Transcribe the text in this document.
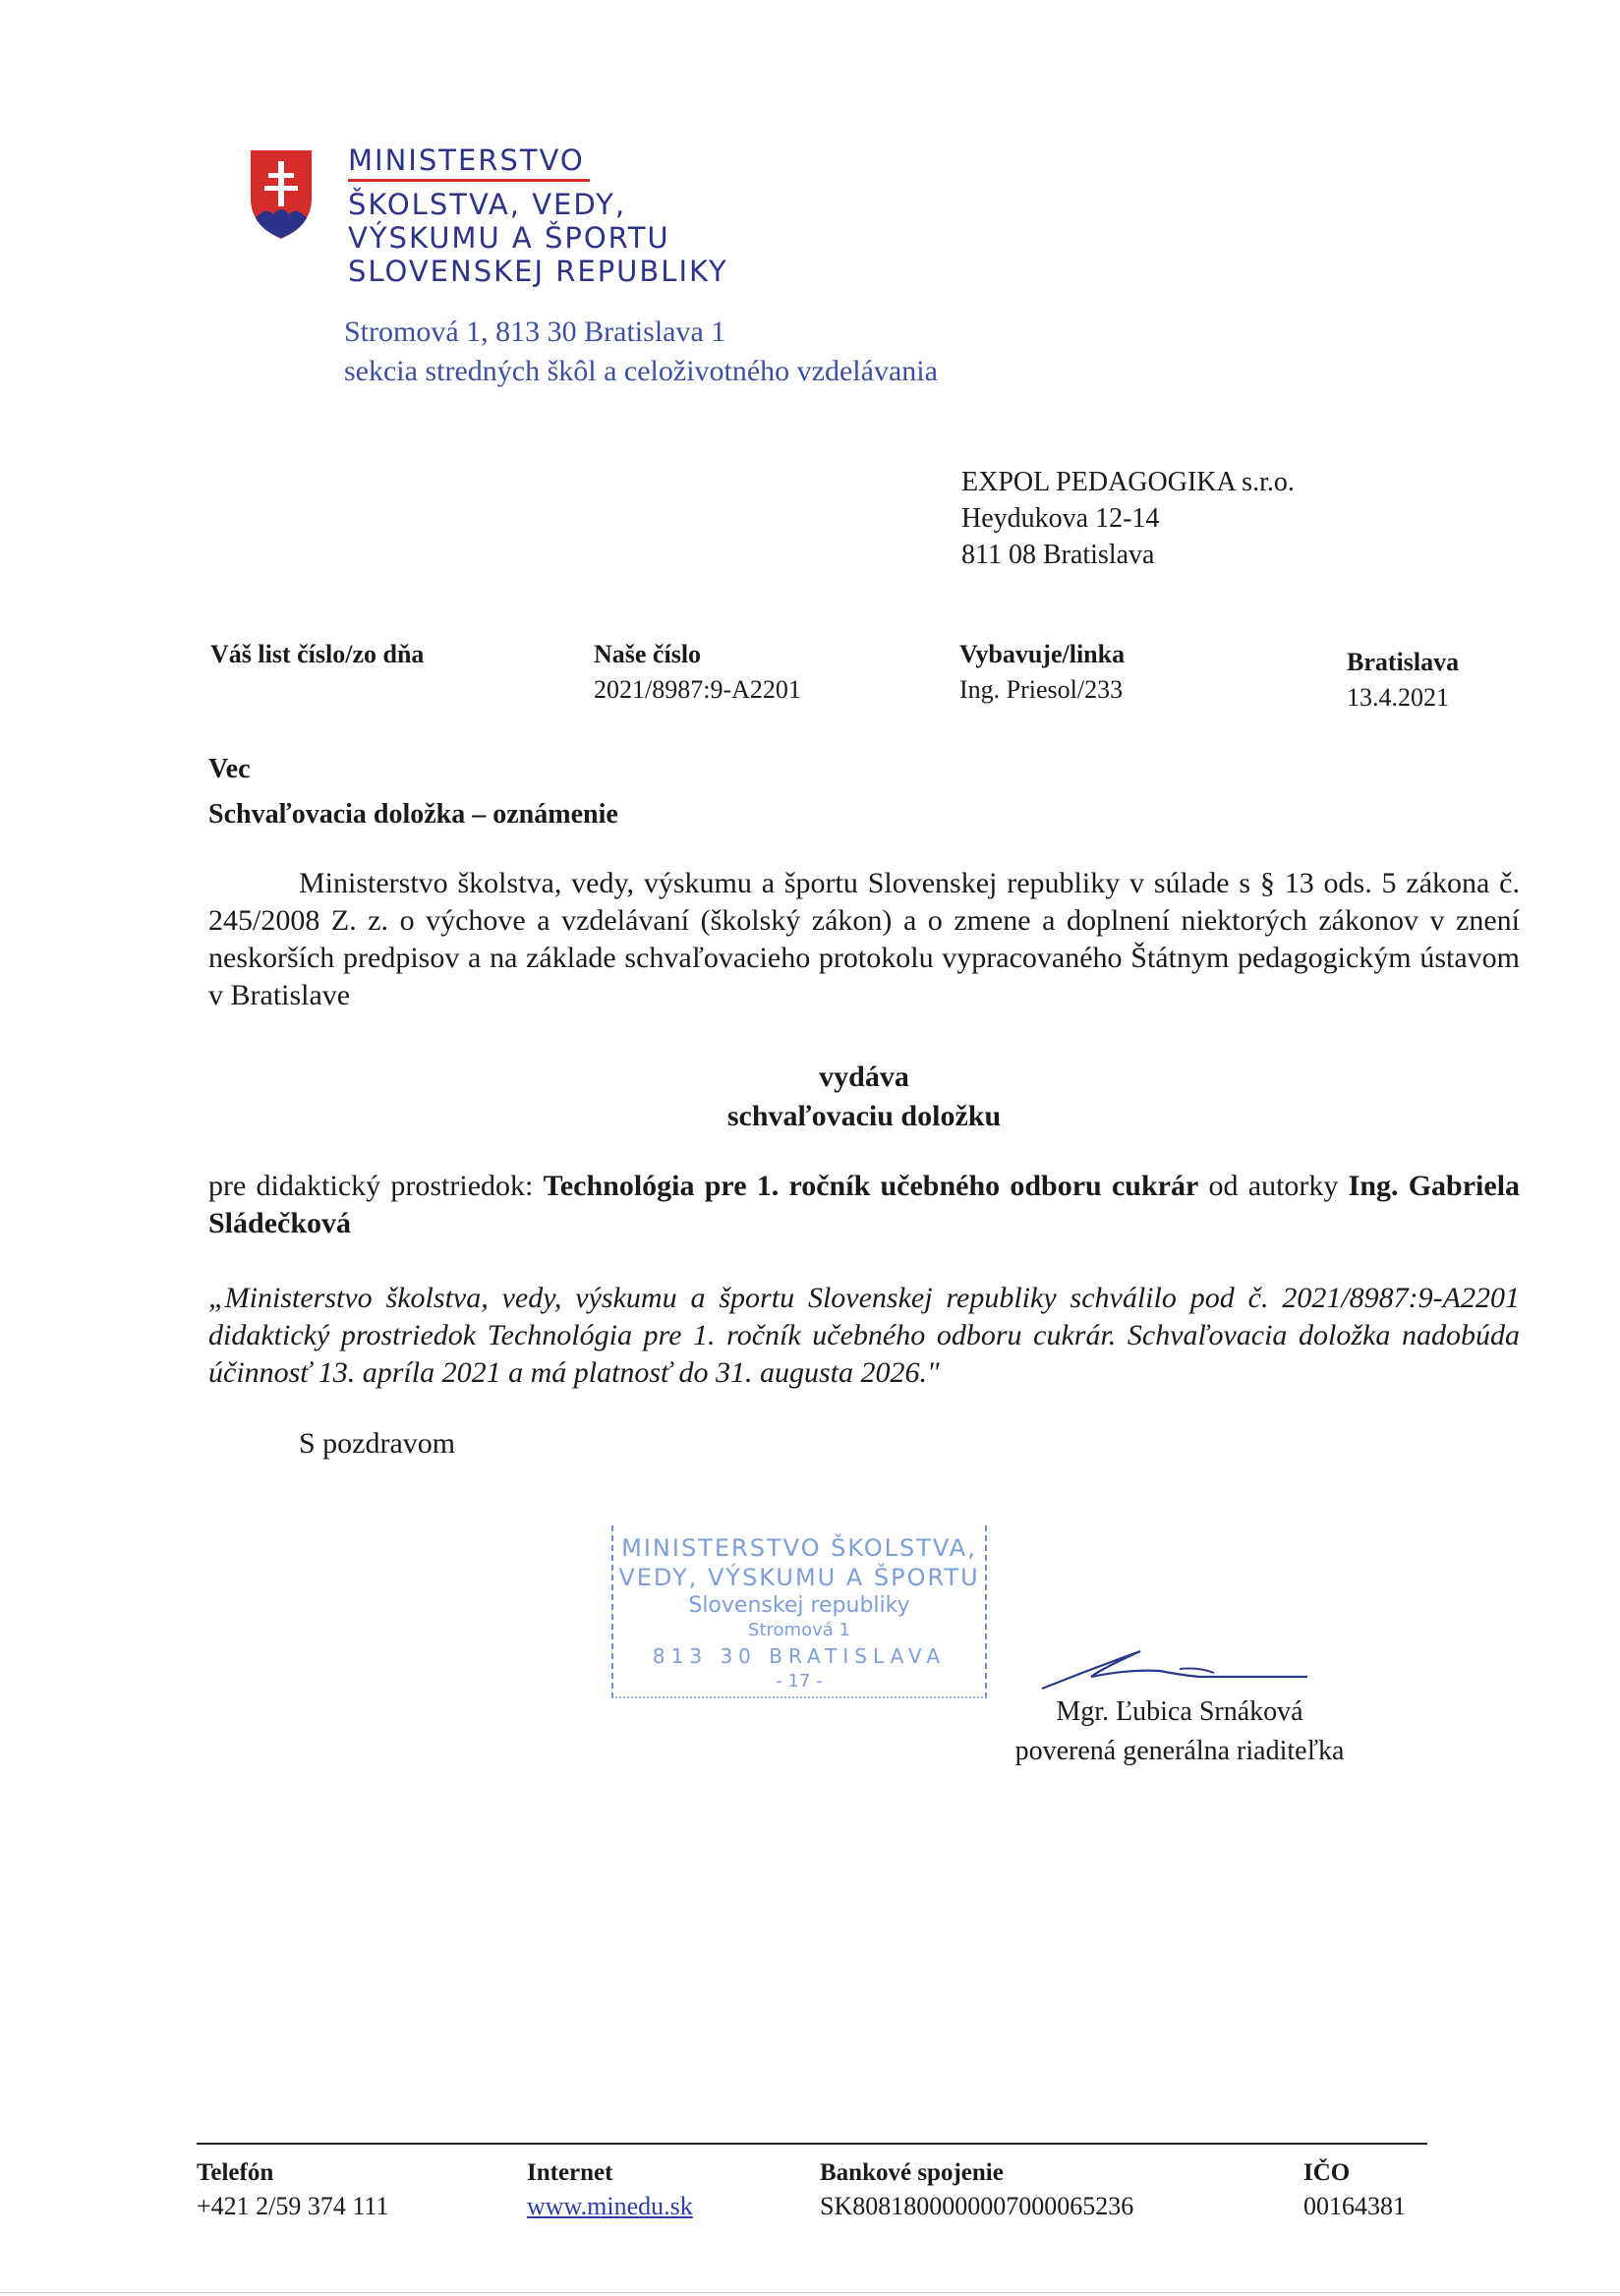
MINISTERSTVO
ŠKOLSTVA, VEDY,
VÝSKUMU A ŠPORTU
SLOVENSKEJ REPUBLIKY
Stromová 1, 813 30 Bratislava 1
sekcia stredných škôl a celoživotného vzdelávania
EXPOL PEDAGOGIKA s.r.o.
Heydukova 12-14
811 08 Bratislava
Váš list číslo/zo dňa	Naše číslo
2021/8987:9-A2201
Vybavuje/linka
Ing. Priesol/233
Bratislava
13.4.2021
Vec
Schvaľovacia doložka – oznámenie
Ministerstvo školstva, vedy, výskumu a športu Slovenskej republiky v súlade s § 13 ods. 5 zákona č. 245/2008 Z. z. o výchove a vzdelávaní (školský zákon) a o zmene a doplnení niektorých zákonov v znení neskorších predpisov a na základe schvaľovacieho protokolu vypracovaného Štátnym pedagogickým ústavom v Bratislave
vydáva
schvaľovaciu doložku
pre didaktický prostriedok: Technológia pre 1. ročník učebného odboru cukrár od autorky Ing. Gabriela Sládečková
„Ministerstvo školstva, vedy, výskumu a športu Slovenskej republiky schválilo pod č. 2021/8987:9-A2201 didaktický prostriedok Technológia pre 1. ročník učebného odboru cukrár. Schvaľovacia doložka nadobúda účinnosť 13. apríla 2021 a má platnosť do 31. augusta 2026."
S pozdravom
MINISTERSTVO ŠKOLSTVA,
VEDY, VÝSKUMU A ŠPORTU
Slovenskej republiky
Stromová 1
813 30 BRATISLAVA
- 17 -
Mgr. Ľubica Srnáková
poverená generálna riaditeľka
Telefón
+421 2/59 374 111
Internet
www.minedu.sk
Bankové spojenie
SK8081800000007000065236
IČO
00164381
